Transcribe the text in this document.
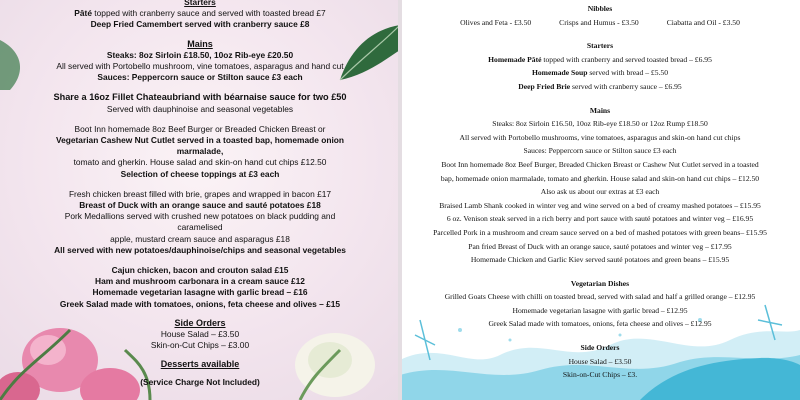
Starters
Pâté topped with cranberry sauce and served with toasted bread £7
Deep Fried Camembert served with cranberry sauce £8
Mains
Steaks: 8oz Sirloin £18.50, 10oz Rib-eye £20.50
All served with Portobello mushroom, vine tomatoes, asparagus and hand cut
Sauces: Peppercorn sauce or Stilton sauce £3 each
Share a 16oz Fillet Chateaubriand with béarnaise sauce for two £50
Served with dauphinoise and seasonal vegetables
Boot Inn homemade 8oz Beef Burger or Breaded Chicken Breast or
Vegetarian Cashew Nut Cutlet served in a toasted bap, homemade onion marmalade,
tomato and gherkin. House salad and skin-on hand cut chips £12.50
Selection of cheese toppings at £3 each
Fresh chicken breast filled with brie, grapes and wrapped in bacon £17
Breast of Duck with an orange sauce and sauté potatoes £18
Pork Medallions served with crushed new potatoes on black pudding and caramelised
apple, mustard cream sauce and asparagus £18
All served with new potatoes/dauphinoise/chips and seasonal vegetables
Cajun chicken, bacon and crouton salad £15
Ham and mushroom carbonara in a cream sauce £12
Homemade vegetarian lasagne with garlic bread – £16
Greek Salad made with tomatoes, onions, feta cheese and olives – £15
Side Orders
House Salad – £3.50
Skin-on-Cut Chips – £3.00
Desserts available
(Service Charge Not Included)
Nibbles
Olives and Feta - £3.50	Crisps and Humus - £3.50	Ciabatta and Oil - £3.50
Starters
Homemade Pâté topped with cranberry and served toasted bread – £6.95
Homemade Soup served with bread – £5.50
Deep Fried Brie served with cranberry sauce – £6.95
Mains
Steaks: 8oz Sirloin £16.50, 10oz Rib-eye £18.50 or 12oz Rump £18.50
All served with Portobello mushrooms, vine tomatoes, asparagus and skin-on hand cut chips
Sauces: Peppercorn sauce or Stilton sauce £3 each
Boot Inn homemade 8oz Beef Burger, Breaded Chicken Breast or Cashew Nut Cutlet served in a toasted
bap, homemade onion marmalade, tomato and gherkin. House salad and skin-on hand cut chips – £12.50
Also ask us about our extras at £3 each
Braised Lamb Shank cooked in winter veg and wine served on a bed of creamy mashed potatoes – £15.95
6 oz. Venison steak served in a rich berry and port sauce with sauté potatoes and winter veg – £16.95
Parcelled Pork in a mushroom and cream sauce served on a bed of mashed potatoes with green beans– £15.95
Pan fried Breast of Duck with an orange sauce, sauté potatoes and winter veg – £17.95
Homemade Chicken and Garlic Kiev served sauté potatoes and green beans – £15.95
Vegetarian Dishes
Grilled Goats Cheese with chilli on toasted bread, served with salad and half a grilled orange – £12.95
Homemade vegetarian lasagne with garlic bread – £12.95
Greek Salad made with tomatoes, onions, feta cheese and olives – £12.95
Side Orders
House Salad – £3.50
Skin-on-Cut Chips – £3.
